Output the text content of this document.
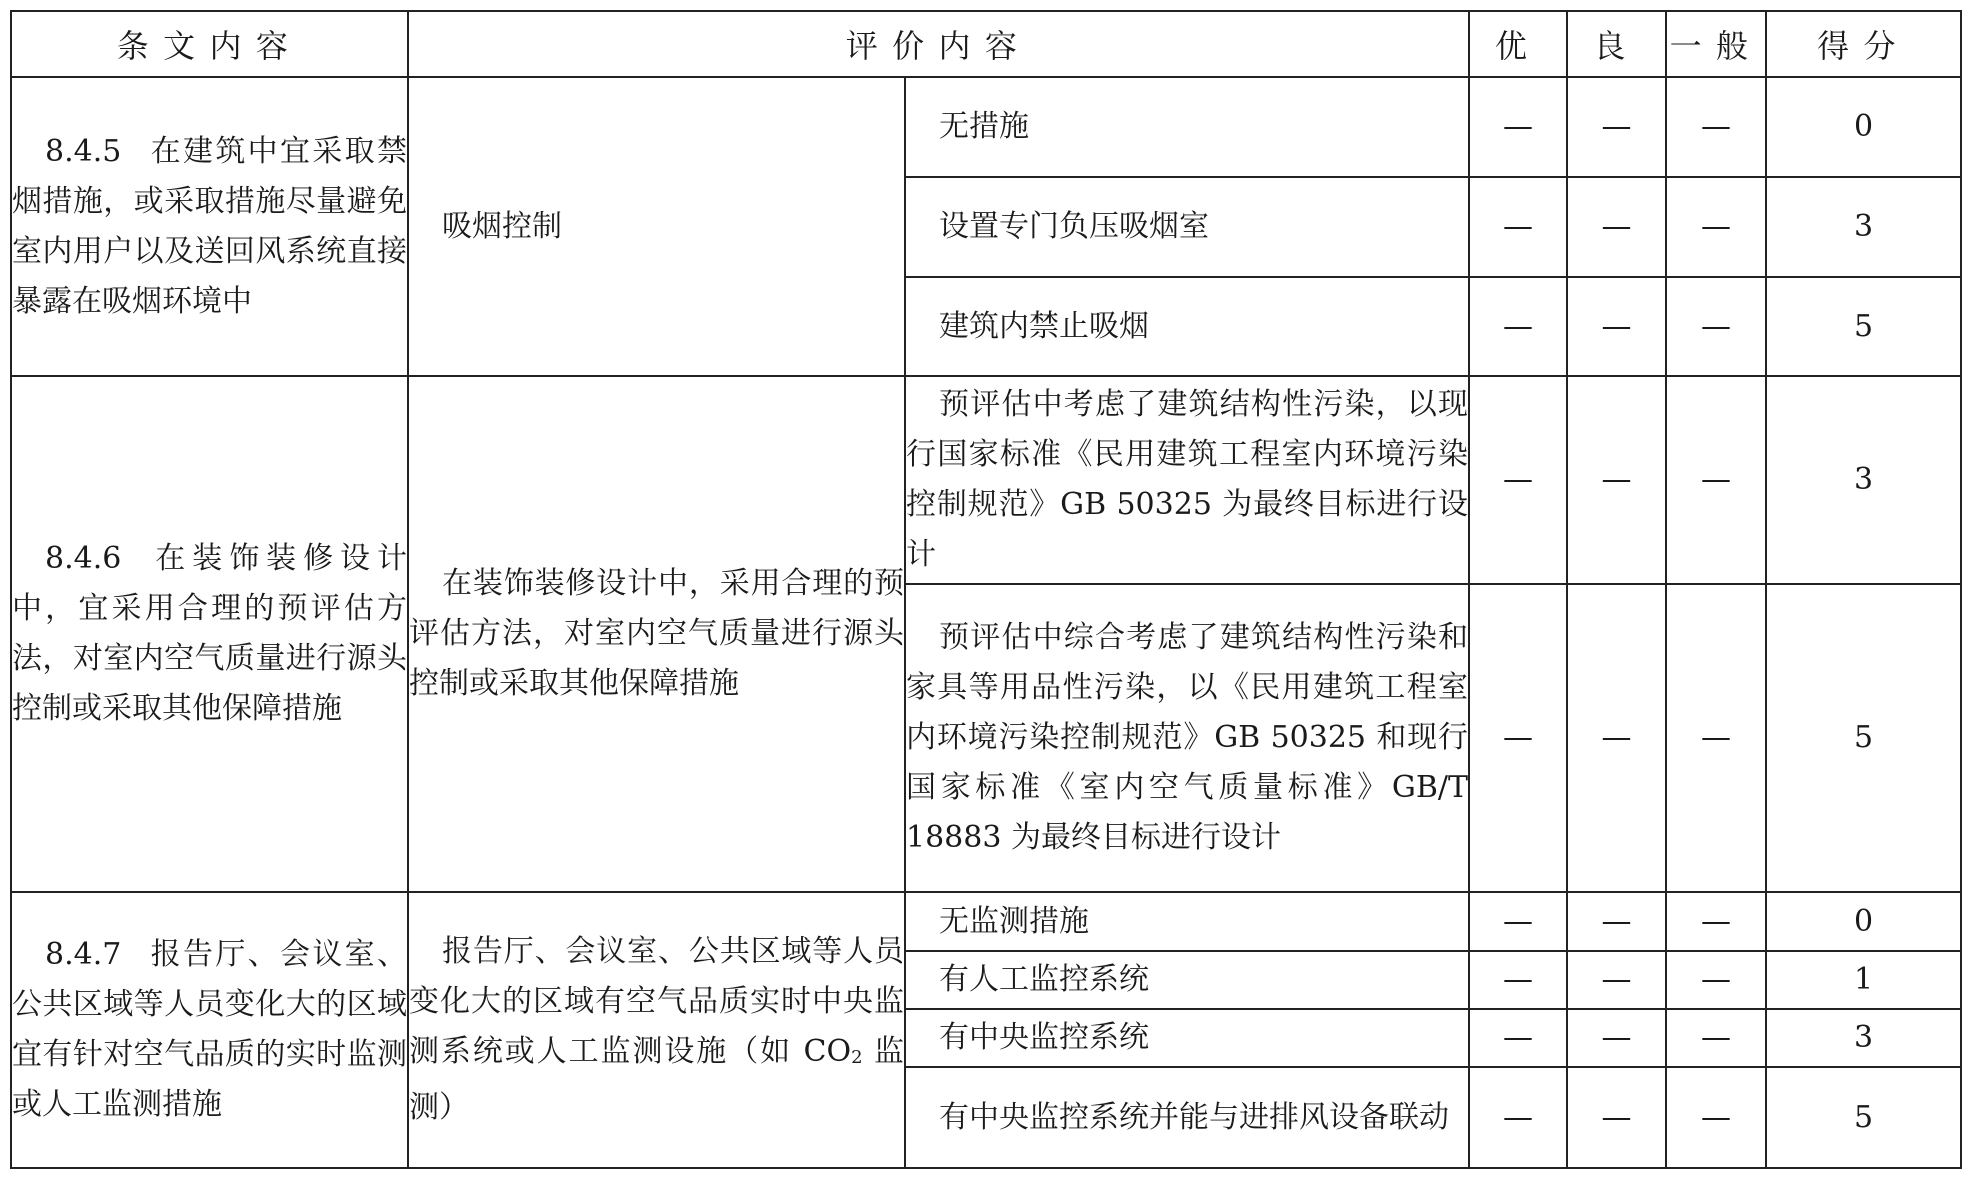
条文内容	评价内容		优	良	一般	得分
8.4.5 在建筑中宜采取禁烟措施，或采取措施尽量避免室内用户以及送回风系统直接暴露在吸烟环境中	吸烟控制	无措施	—	—	—	0
		设置专门负压吸烟室	—	—	—	3
		建筑内禁止吸烟	—	—	—	5
8.4.6 在装饰装修设计中，宜采用合理的预评估方法，对室内空气质量进行源头控制或采取其他保障措施	在装饰装修设计中，采用合理的预评估方法，对室内空气质量进行源头控制或采取其他保障措施	预评估中考虑了建筑结构性污染，以现行国家标准《民用建筑工程室内环境污染控制规范》GB 50325 为最终目标进行设计	—	—	—	3
		预评估中综合考虑了建筑结构性污染和家具等用品性污染，以《民用建筑工程室内环境污染控制规范》GB 50325 和现行国家标准《室内空气质量标准》GB/T 18883 为最终目标进行设计	—	—	—	5
8.4.7 报告厅、会议室、公共区域等人员变化大的区域宜有针对空气品质的实时监测或人工监测措施	报告厅、会议室、公共区域等人员变化大的区域有空气品质实时中央监测系统或人工监测设施（如 $CO_2$ 监测）	无监测措施	—	—	—	0
		有人工监控系统	—	—	—	1
		有中央监控系统	—	—	—	3
		有中央监控系统并能与进排风设备联动	—	—	—	5
